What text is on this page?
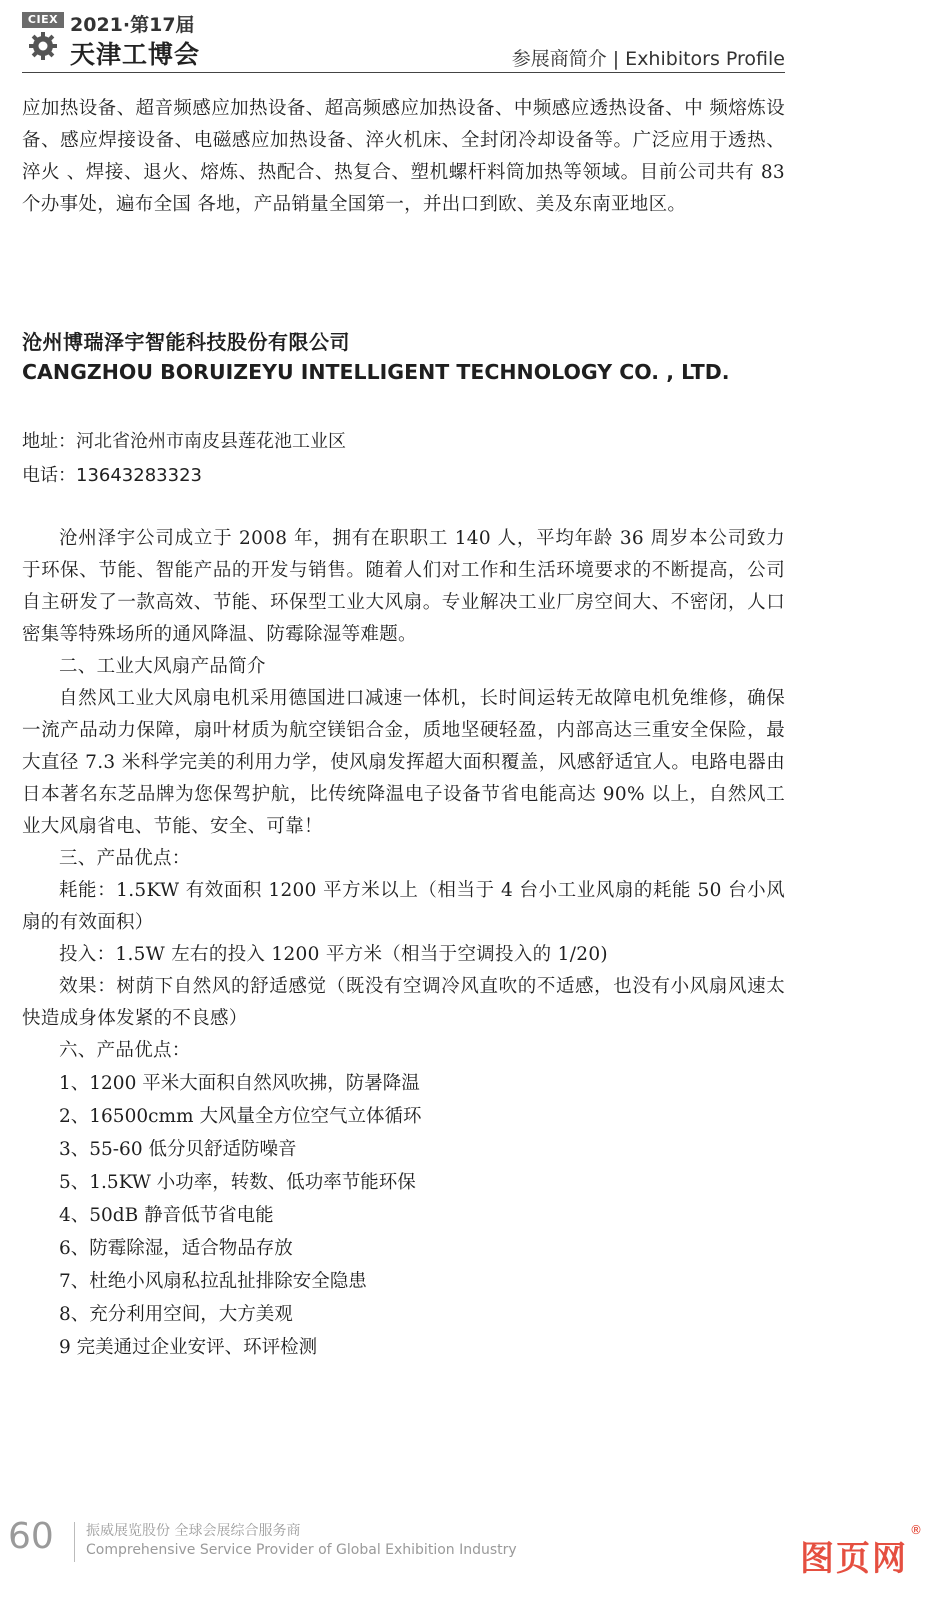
CIEX 2021·第17届
天津工博会	参展商简介 | Exhibitors Profile

应加热设备、超音频感应加热设备、超高频感应加热设备、中频感应透热设备、中 频熔炼设备、感应焊接设备、电磁感应加热设备、淬火机床、全封闭冷却设备等。广泛应用于透热、淬火 、焊接、退火、熔炼、热配合、热复合、塑机螺杆料筒加热等领域。目前公司共有 83 个办事处，遍布全国 各地，产品销量全国第一，并出口到欧、美及东南亚地区。

沧州博瑞泽宇智能科技股份有限公司

CANGZHOU BORUIZEYU INTELLIGENT TECHNOLOGY CO. , LTD.

地址：河北省沧州市南皮县莲花池工业区

电话：13643283323

沧州泽宇公司成立于 2008 年，拥有在职职工 140 人，平均年龄 36 周岁本公司致力于环保、节能、智能产品的开发与销售。随着人们对工作和生活环境要求的不断提高，公司自主研发了一款高效、节能、环保型工业大风扇。专业解决工业厂房空间大、不密闭，人口密集等特殊场所的通风降温、防霉除湿等难题。

二、工业大风扇产品简介

自然风工业大风扇电机采用德国进口减速一体机，长时间运转无故障电机免维修，确保一流产品动力保障，扇叶材质为航空镁铝合金，质地坚硬轻盈，内部高达三重安全保险，最大直径 7.3 米科学完美的利用力学，使风扇发挥超大面积覆盖，风感舒适宜人。电路电器由日本著名东芝品牌为您保驾护航，比传统降温电子设备节省电能高达 90% 以上，自然风工业大风扇省电、节能、安全、可靠！

三、产品优点：

耗能：1.5KW 有效面积 1200 平方米以上（相当于 4 台小工业风扇的耗能 50 台小风扇的有效面积）

投入：1.5W 左右的投入 1200 平方米（相当于空调投入的 1/20)

效果：树荫下自然风的舒适感觉（既没有空调冷风直吹的不适感，也没有小风扇风速太快造成身体发紧的不良感）

六、产品优点：

1、1200 平米大面积自然风吹拂，防暑降温
2、16500cmm 大风量全方位空气立体循环
3、55-60 低分贝舒适防噪音
5、1.5KW 小功率，转数、低功率节能环保
4、50dB 静音低节省电能
6、防霉除湿，适合物品存放
7、杜绝小风扇私拉乱扯排除安全隐患
8、充分利用空间，大方美观
9 完美通过企业安评、环评检测
60 振威展览股份 全球会展综合服务商
Comprehensive Service Provider of Global Exhibition Industry
®
图页网
